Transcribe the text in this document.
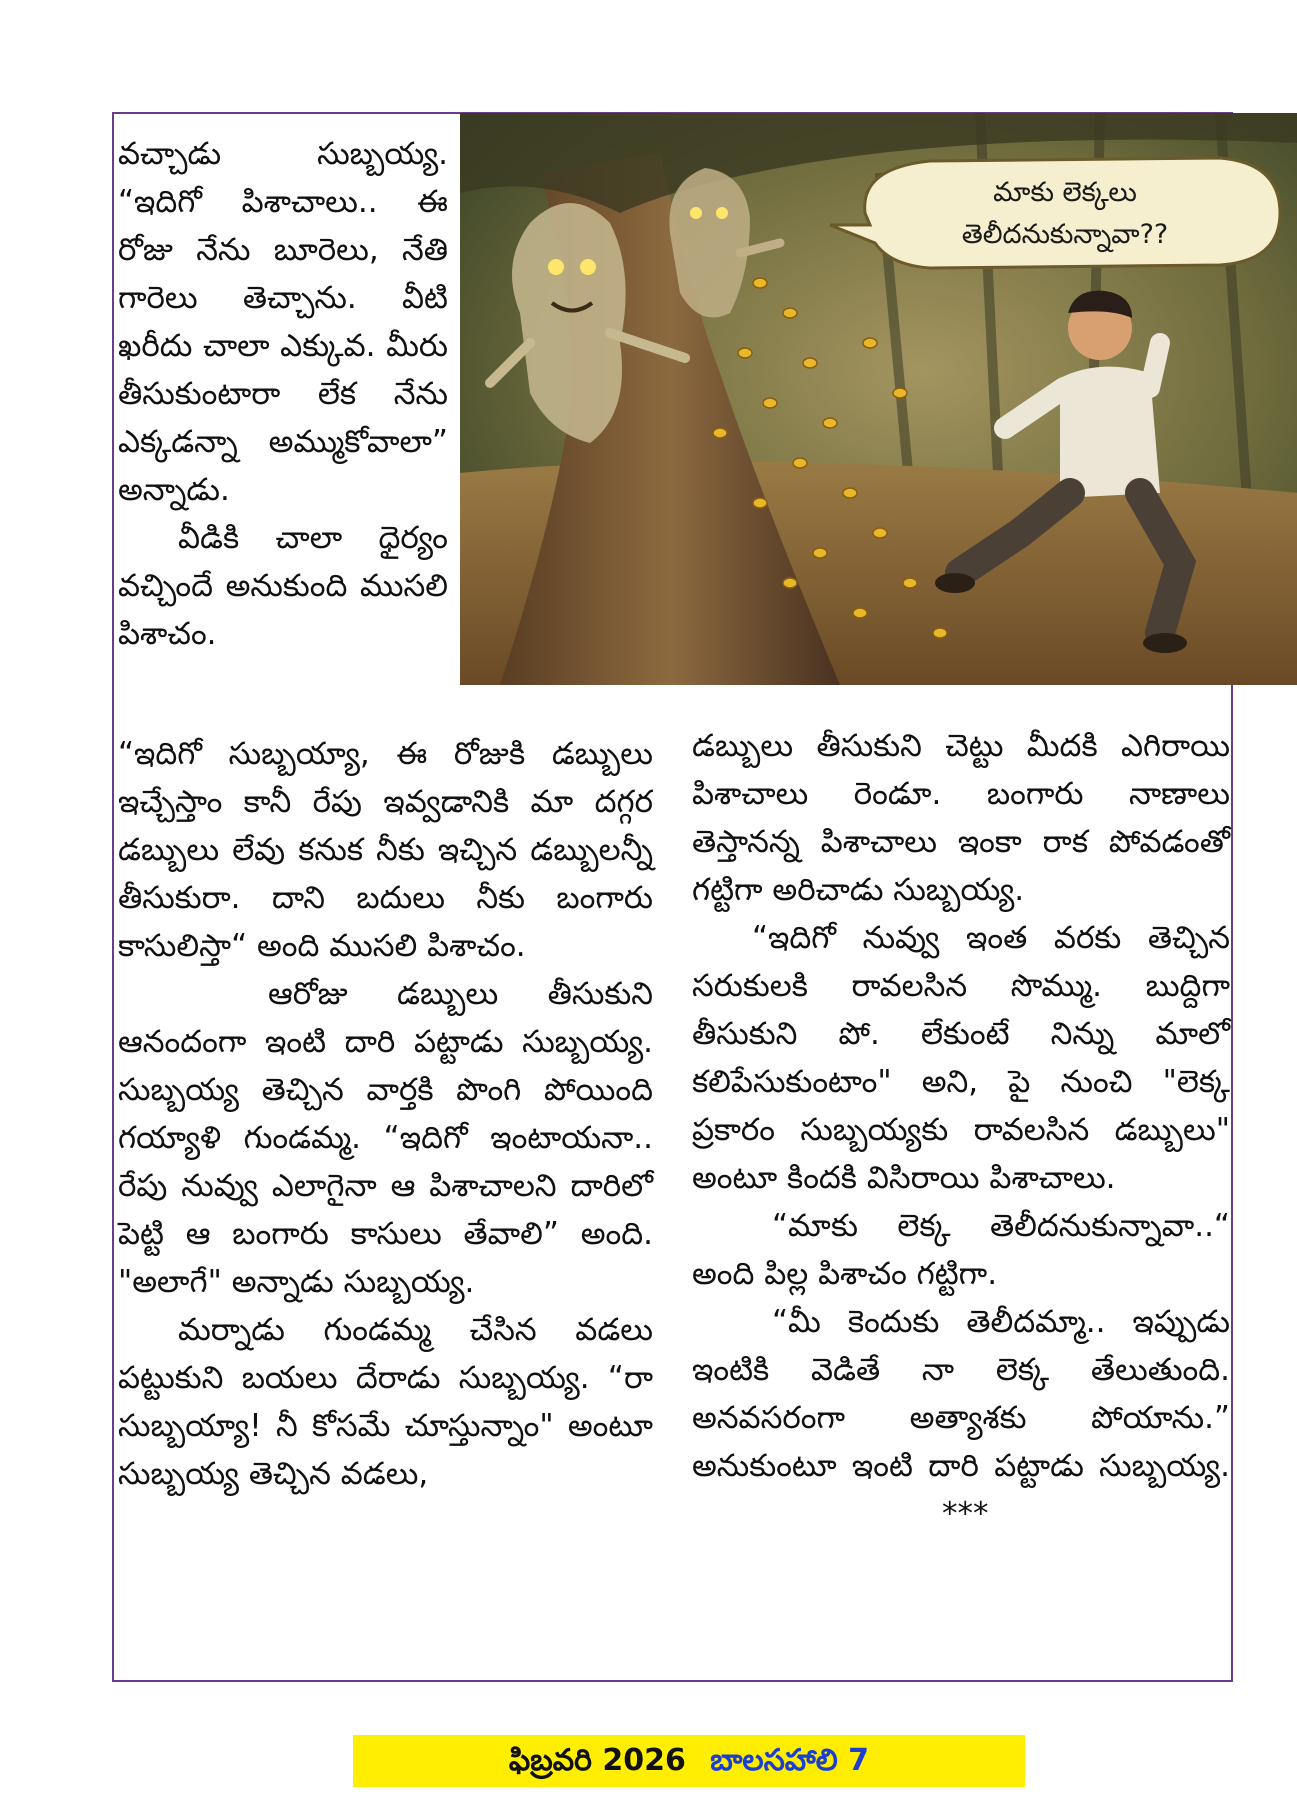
మాకు లెక్కలు
తెలీదనుకున్నావా??

వచ్చాడు సుబ్బయ్య. “ఇదిగో పిశాచాలు.. ఈ రోజు నేను బూరెలు, నేతి గారెలు తెచ్చాను. వీటి ఖరీదు చాలా ఎక్కువ. మీరు తీసుకుంటారా లేక నేను ఎక్కడన్నా అమ్ముకోవాలా” అన్నాడు.

వీడికి చాలా ధైర్యం వచ్చిందే అనుకుంది ముసలి పిశాచం.

“ఇదిగో సుబ్బయ్యా, ఈ రోజుకి డబ్బులు ఇచ్చేస్తాం కానీ రేపు ఇవ్వడానికి మా దగ్గర డబ్బులు లేవు కనుక నీకు ఇచ్చిన డబ్బులన్నీ తీసుకురా. దాని బదులు నీకు బంగారు కాసులిస్తా“ అంది ముసలి పిశాచం.

ఆరోజు డబ్బులు తీసుకుని ఆనందంగా ఇంటి దారి పట్టాడు సుబ్బయ్య. సుబ్బయ్య తెచ్చిన వార్తకి పొంగి పోయింది గయ్యాళి గుండమ్మ. “ఇదిగో ఇంటాయనా.. రేపు నువ్వు ఎలాగైనా ఆ పిశాచాలని దారిలో పెట్టి ఆ బంగారు కాసులు తేవాలి” అంది. "అలాగే" అన్నాడు సుబ్బయ్య.

మర్నాడు గుండమ్మ చేసిన వడలు పట్టుకుని బయలు దేరాడు సుబ్బయ్య. “రా సుబ్బయ్యా! నీ కోసమే చూస్తున్నాం" అంటూ సుబ్బయ్య తెచ్చిన వడలు,

డబ్బులు తీసుకుని చెట్టు మీదకి ఎగిరాయి పిశాచాలు రెండూ. బంగారు నాణాలు తెస్తానన్న పిశాచాలు ఇంకా రాక పోవడంతో గట్టిగా అరిచాడు సుబ్బయ్య.

“ఇదిగో నువ్వు ఇంత వరకు తెచ్చిన సరుకులకి రావలసిన సొమ్ము. బుద్దిగా తీసుకుని పో. లేకుంటే నిన్ను మాలో కలిపేసుకుంటాం" అని, పై నుంచి "లెక్క ప్రకారం సుబ్బయ్యకు రావలసిన డబ్బులు" అంటూ కిందకి విసిరాయి పిశాచాలు.

“మాకు లెక్క తెలీదనుకున్నావా..“ అంది పిల్ల పిశాచం గట్టిగా.

“మీ కెందుకు తెలీదమ్మా.. ఇప్పుడు ఇంటికి వెడితే నా లెక్క తేలుతుంది. అనవసరంగా అత్యాశకు పోయాను.” అనుకుంటూ ఇంటి దారి పట్టాడు సుబ్బయ్య.***

ఫిబ్రవరి 2026 బాలసహాలి 7
